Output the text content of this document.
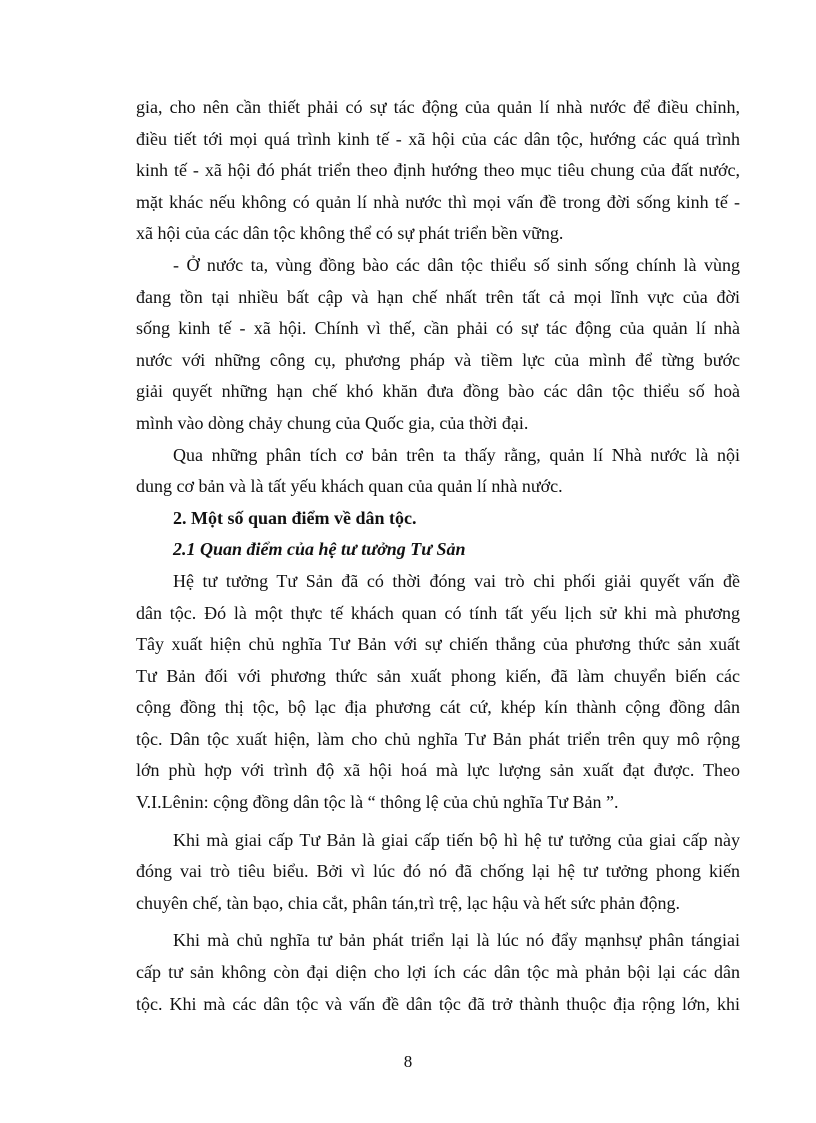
gia, cho nên cần thiết phải có sự tác động của quản lí nhà nước để điều chỉnh,
điều tiết tới mọi quá trình kinh tế - xã hội của các dân tộc, hướng các quá trình
kinh tế - xã hội đó phát triển theo định hướng theo mục tiêu chung của đất nước,
mặt khác nếu không có quản lí nhà nước thì mọi vấn đề trong đời sống kinh tế -
xã hội của các dân tộc không thể có sự phát triển bền vững.
- Ở nước ta, vùng đồng bào các dân tộc thiểu số sinh sống chính là vùng
đang tồn tại nhiều bất cập và hạn chế nhất trên tất cả mọi lĩnh vực của đời
sống kinh tế - xã hội. Chính vì thế, cần phải có sự tác động của quản lí nhà
nước với những công cụ, phương pháp và tiềm lực của mình để từng bước
giải quyết những hạn chế khó khăn đưa đồng bào các dân tộc thiểu số hoà
mình vào dòng chảy chung của Quốc gia, của thời đại.
Qua những phân tích cơ bản trên ta thấy rằng, quản lí Nhà nước là nội
dung cơ bản và là tất yếu khách quan của quản lí nhà nước.
2. Một số quan điểm về dân tộc.
2.1 Quan điểm của hệ tư tưởng Tư Sản
Hệ tư tưởng Tư Sản đã có thời đóng vai trò chi phối giải quyết vấn đề
dân tộc. Đó là một thực tế khách quan có tính tất yếu lịch sử khi mà phương
Tây xuất hiện chủ nghĩa Tư Bản với sự chiến thắng của phương thức sản xuất
Tư Bản đối với phương thức sản xuất phong kiến, đã làm chuyển biến các
cộng đồng thị tộc, bộ lạc địa phương cát cứ, khép kín thành cộng đồng dân
tộc. Dân tộc xuất hiện, làm cho chủ nghĩa Tư Bản phát triển trên quy mô rộng
lớn phù hợp với trình độ xã hội hoá mà lực lượng sản xuất đạt được. Theo
V.I.Lênin: cộng đồng dân tộc là “ thông lệ của chủ nghĩa Tư Bản ”.
Khi mà giai cấp Tư Bản là giai cấp tiến bộ hì hệ tư tưởng của giai cấp này
đóng vai trò tiêu biểu. Bởi vì lúc đó nó đã chống lại hệ tư tưởng phong kiến
chuyên chế, tàn bạo, chia cắt, phân tán,trì trệ, lạc hậu và hết sức phản động.
Khi mà chủ nghĩa tư bản phát triển lại là lúc nó đẩy mạnhsự phân tángiai
cấp tư sản không còn đại diện cho lợi ích các dân tộc mà phản bội lại các dân
tộc. Khi mà các dân tộc và vấn đề dân tộc đã trở thành thuộc địa rộng lớn, khi
8
